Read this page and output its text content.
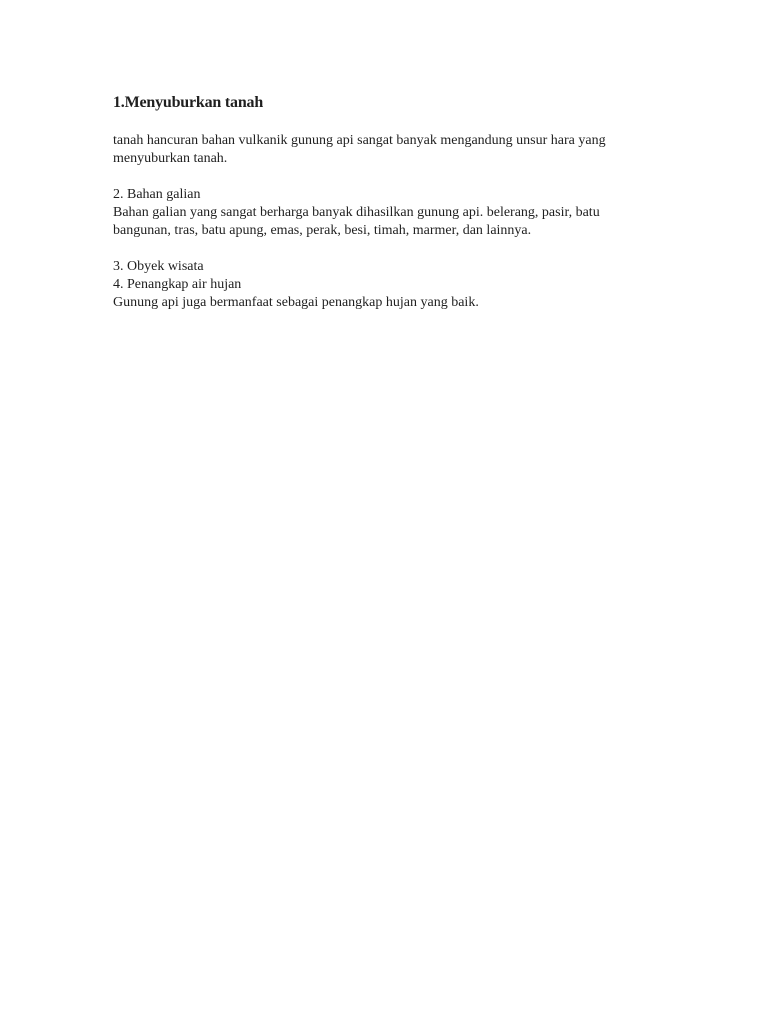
1.Menyuburkan tanah

tanah hancuran bahan vulkanik gunung api sangat banyak mengandung unsur hara yang

menyuburkan tanah.

2. Bahan galian

Bahan galian yang sangat berharga banyak dihasilkan gunung api. belerang, pasir, batu

bangunan, tras, batu apung, emas, perak, besi, timah, marmer, dan lainnya.

3. Obyek wisata

4. Penangkap air hujan

Gunung api juga bermanfaat sebagai penangkap hujan yang baik.
